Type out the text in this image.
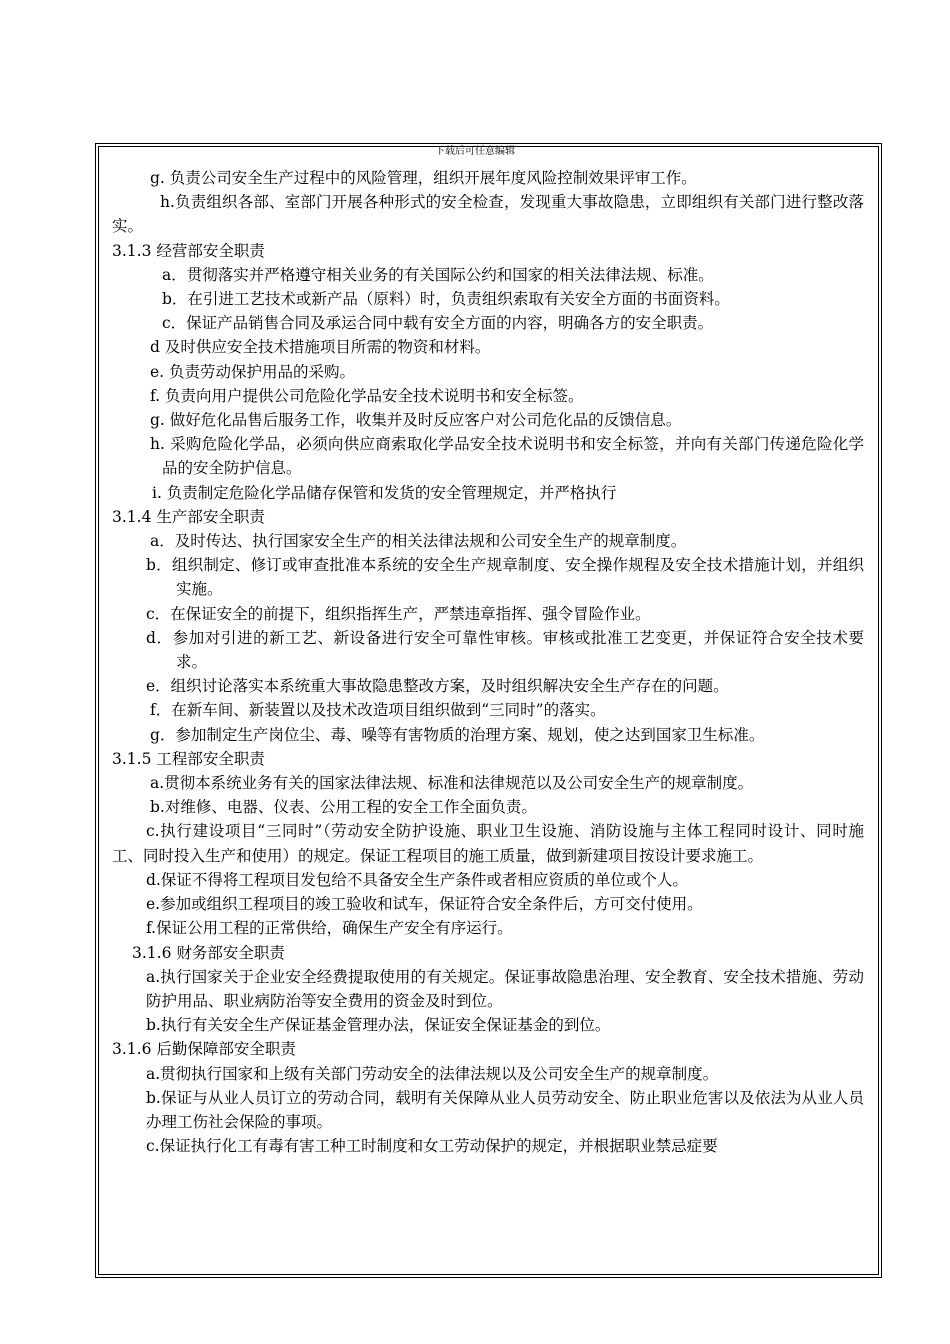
下载后可任意编辑
g. 负责公司安全生产过程中的风险管理，组织开展年度风险控制效果评审工作。
h.负责组织各部、室部门开展各种形式的安全检查，发现重大事故隐患，立即组织有关部门进行整改落实。
3.1.3 经营部安全职责
a．贯彻落实并严格遵守相关业务的有关国际公约和国家的相关法律法规、标准。
b．在引进工艺技术或新产品（原料）时，负责组织索取有关安全方面的书面资料。
c．保证产品销售合同及承运合同中载有安全方面的内容，明确各方的安全职责。
d 及时供应安全技术措施项目所需的物资和材料。
e. 负责劳动保护用品的采购。
f. 负责向用户提供公司危险化学品安全技术说明书和安全标签。
g. 做好危化品售后服务工作，收集并及时反应客户对公司危化品的反馈信息。
h. 采购危险化学品，必须向供应商索取化学品安全技术说明书和安全标签，并向有关部门传递危险化学品的安全防护信息。
i. 负责制定危险化学品储存保管和发货的安全管理规定，并严格执行
3.1.4 生产部安全职责
a．及时传达、执行国家安全生产的相关法律法规和公司安全生产的规章制度。
b．组织制定、修订或审查批准本系统的安全生产规章制度、安全操作规程及安全技术措施计划，并组织实施。
c．在保证安全的前提下，组织指挥生产，严禁违章指挥、强令冒险作业。
d．参加对引进的新工艺、新设备进行安全可靠性审核。审核或批准工艺变更，并保证符合安全技术要求。
e．组织讨论落实本系统重大事故隐患整改方案，及时组织解决安全生产存在的问题。
f．在新车间、新装置以及技术改造项目组织做到“三同时”的落实。
g．参加制定生产岗位尘、毒、噪等有害物质的治理方案、规划，使之达到国家卫生标准。
3.1.5 工程部安全职责
a.贯彻本系统业务有关的国家法律法规、标准和法律规范以及公司安全生产的规章制度。
b.对维修、电器、仪表、公用工程的安全工作全面负责。
c.执行建设项目“三同时”（劳动安全防护设施、职业卫生设施、消防设施与主体工程同时设计、同时施工、同时投入生产和使用）的规定。保证工程项目的施工质量，做到新建项目按设计要求施工。
d.保证不得将工程项目发包给不具备安全生产条件或者相应资质的单位或个人。
e.参加或组织工程项目的竣工验收和试车，保证符合安全条件后，方可交付使用。
f.保证公用工程的正常供给，确保生产安全有序运行。
3.1.6 财务部安全职责
a.执行国家关于企业安全经费提取使用的有关规定。保证事故隐患治理、安全教育、安全技术措施、劳动防护用品、职业病防治等安全费用的资金及时到位。
b.执行有关安全生产保证基金管理办法，保证安全保证基金的到位。
3.1.6 后勤保障部安全职责
a.贯彻执行国家和上级有关部门劳动安全的法律法规以及公司安全生产的规章制度。
b.保证与从业人员订立的劳动合同，载明有关保障从业人员劳动安全、防止职业危害以及依法为从业人员办理工伤社会保险的事项。
c.保证执行化工有毒有害工种工时制度和女工劳动保护的规定，并根据职业禁忌症要
